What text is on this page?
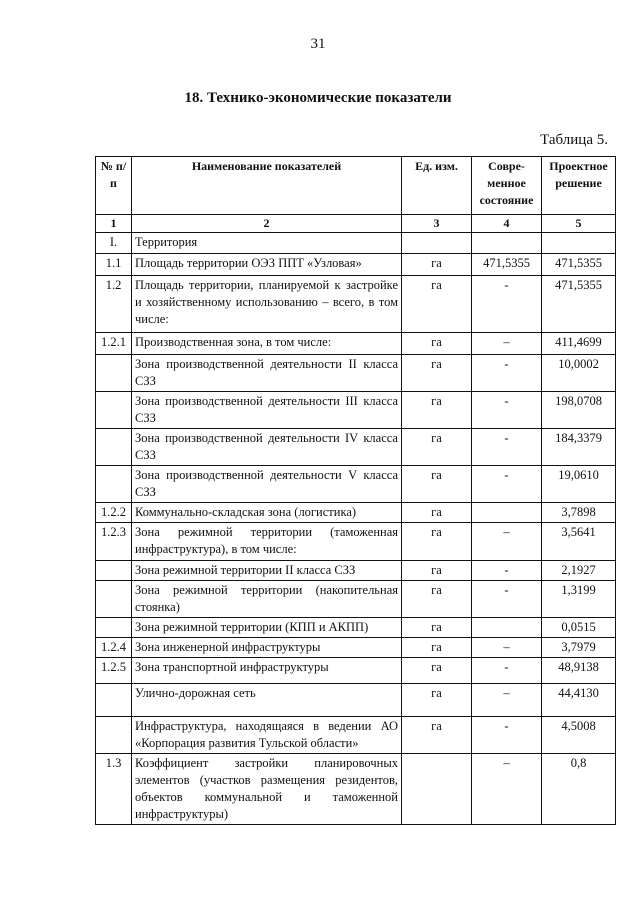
31
18. Технико-экономические показатели
Таблица 5.
№ п/п	Наименование показателей	Ед. изм.	Совре-менное состояние	Проектное решение
1	2	3	4	5
I.	Территория			
1.1	Площадь территории ОЭЗ ППТ «Узловая»	га	471,5355	471,5355
1.2	Площадь территории, планируемой к застройке и хозяйственному использованию – всего, в том числе:	га	-	471,5355
1.2.1	Производственная зона, в том числе:	га	–	411,4699
	Зона производственной деятельности II класса СЗЗ	га	-	10,0002
	Зона производственной деятельности III класса СЗЗ	га	-	198,0708
	Зона производственной деятельности IV класса СЗЗ	га	-	184,3379
	Зона производственной деятельности V класса СЗЗ	га	-	19,0610
1.2.2	Коммунально-складская зона (логистика)	га		3,7898
1.2.3	Зона режимной территории (таможенная инфраструктура), в том числе:	га	–	3,5641
	Зона режимной территории II класса СЗЗ	га	-	2,1927
	Зона режимной территории (накопительная стоянка)	га	-	1,3199
	Зона режимной территории (КПП и АКПП)	га		0,0515
1.2.4	Зона инженерной инфраструктуры	га	–	3,7979
1.2.5	Зона транспортной инфраструктуры	га	-	48,9138
	Улично-дорожная сеть	га	–	44,4130
	Инфраструктура, находящаяся в ведении АО «Корпорация развития Тульской области»	га	-	4,5008
1.3	Коэффициент застройки планировочных элементов (участков размещения резидентов, объектов коммунальной и таможенной инфраструктуры)		–	0,8
